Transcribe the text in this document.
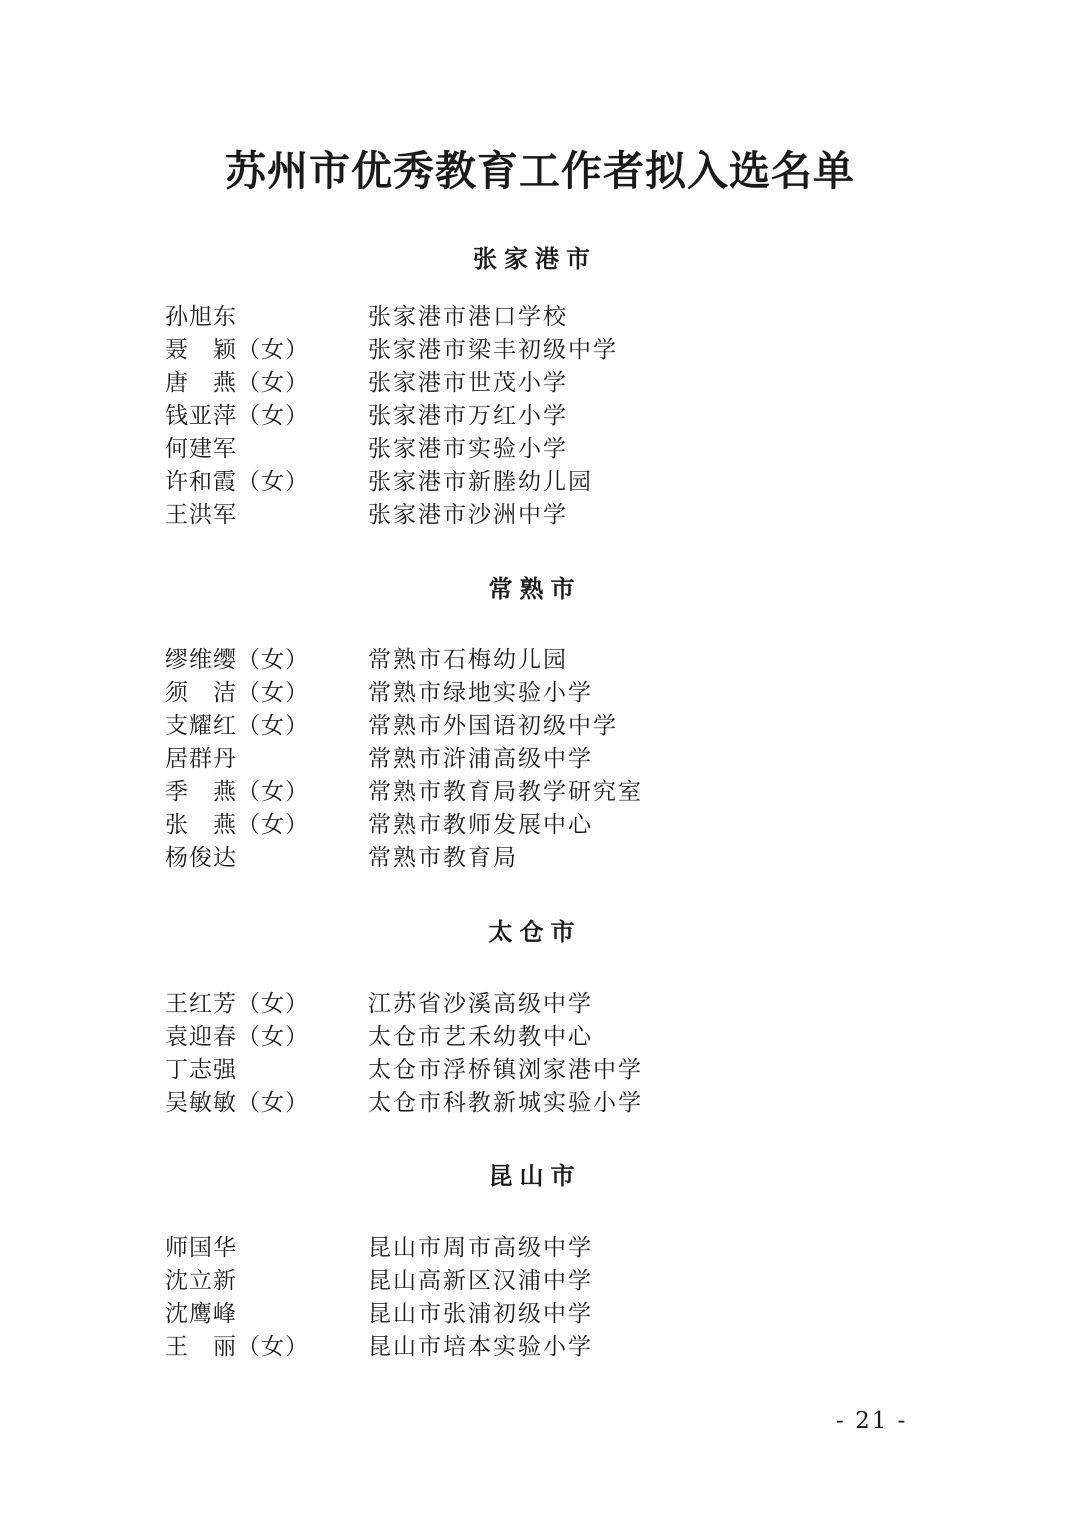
苏州市优秀教育工作者拟入选名单
张家港市
孙旭东	张家港市港口学校
聂　颖（女）	张家港市梁丰初级中学
唐　燕（女）	张家港市世茂小学
钱亚萍（女）	张家港市万红小学
何建军	张家港市实验小学
许和霞（女）	张家港市新塍幼儿园
王洪军	张家港市沙洲中学
常熟市
缪维缨（女）	常熟市石梅幼儿园
须　洁（女）	常熟市绿地实验小学
支耀红（女）	常熟市外国语初级中学
居群丹	常熟市浒浦高级中学
季　燕（女）	常熟市教育局教学研究室
张　燕（女）	常熟市教师发展中心
杨俊达	常熟市教育局
太仓市
王红芳（女）	江苏省沙溪高级中学
袁迎春（女）	太仓市艺禾幼教中心
丁志强	太仓市浮桥镇浏家港中学
吴敏敏（女）	太仓市科教新城实验小学
昆山市
师国华	昆山市周市高级中学
沈立新	昆山高新区汉浦中学
沈鹰峰	昆山市张浦初级中学
王　丽（女）	昆山市培本实验小学
- 21 -
